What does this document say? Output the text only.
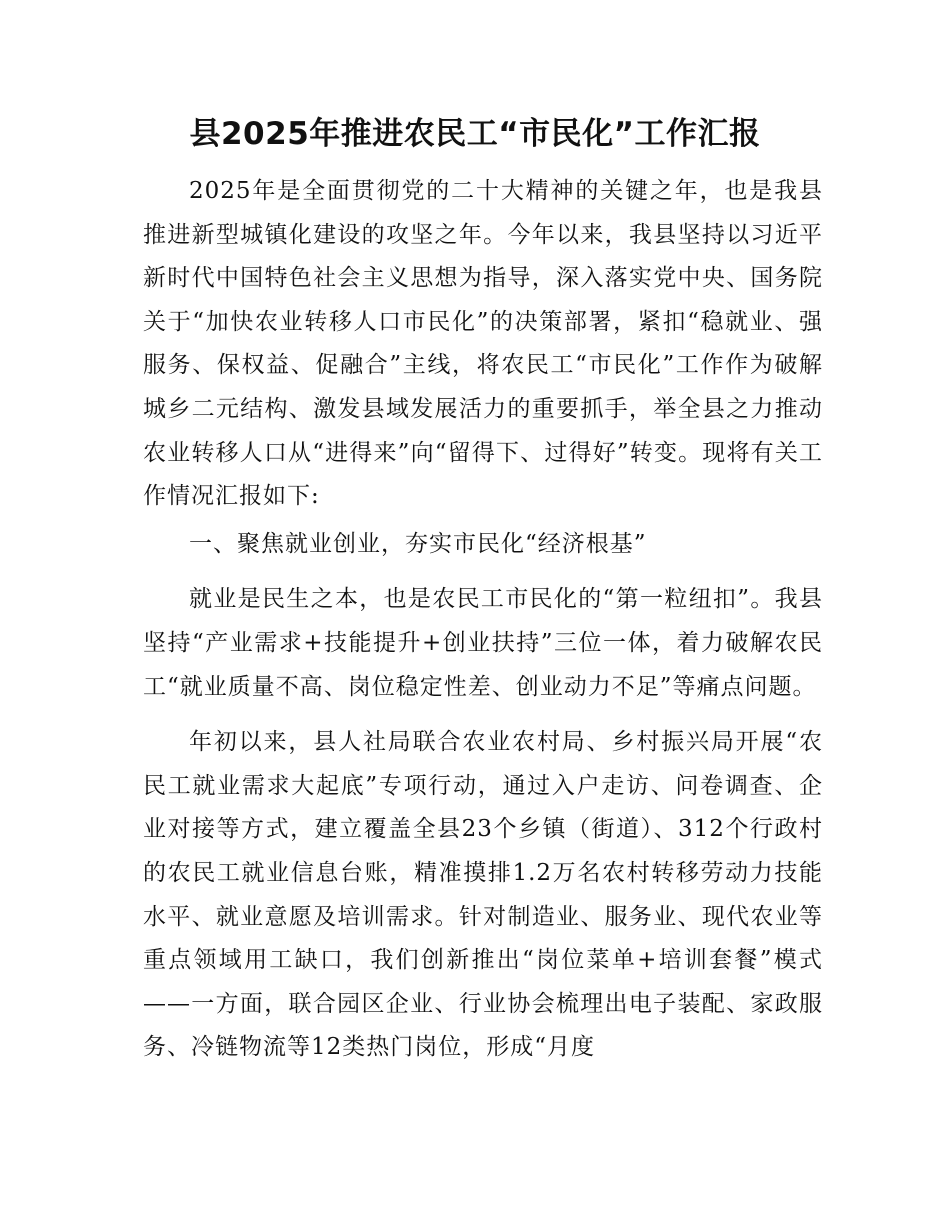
县2025年推进农民工“市民化”工作汇报

2025年是全面贯彻党的二十大精神的关键之年，也是我县推进新型城镇化建设的攻坚之年。今年以来，我县坚持以习近平新时代中国特色社会主义思想为指导，深入落实党中央、国务院关于“加快农业转移人口市民化”的决策部署，紧扣“稳就业、强服务、保权益、促融合”主线，将农民工“市民化”工作作为破解城乡二元结构、激发县域发展活力的重要抓手，举全县之力推动农业转移人口从“进得来”向“留得下、过得好”转变。现将有关工作情况汇报如下:

一、聚焦就业创业，夯实市民化“经济根基”

就业是民生之本，也是农民工市民化的“第一粒纽扣”。我县坚持“产业需求+技能提升+创业扶持”三位一体，着力破解农民工“就业质量不高、岗位稳定性差、创业动力不足”等痛点问题。

年初以来，县人社局联合农业农村局、乡村振兴局开展“农民工就业需求大起底”专项行动，通过入户走访、问卷调查、企业对接等方式，建立覆盖全县23个乡镇（街道）、312个行政村的农民工就业信息台账，精准摸排1.2万名农村转移劳动力技能水平、就业意愿及培训需求。针对制造业、服务业、现代农业等重点领域用工缺口，我们创新推出“岗位菜单+培训套餐”模式——一方面，联合园区企业、行业协会梳理出电子装配、家政服务、冷链物流等12类热门岗位，形成“月度
